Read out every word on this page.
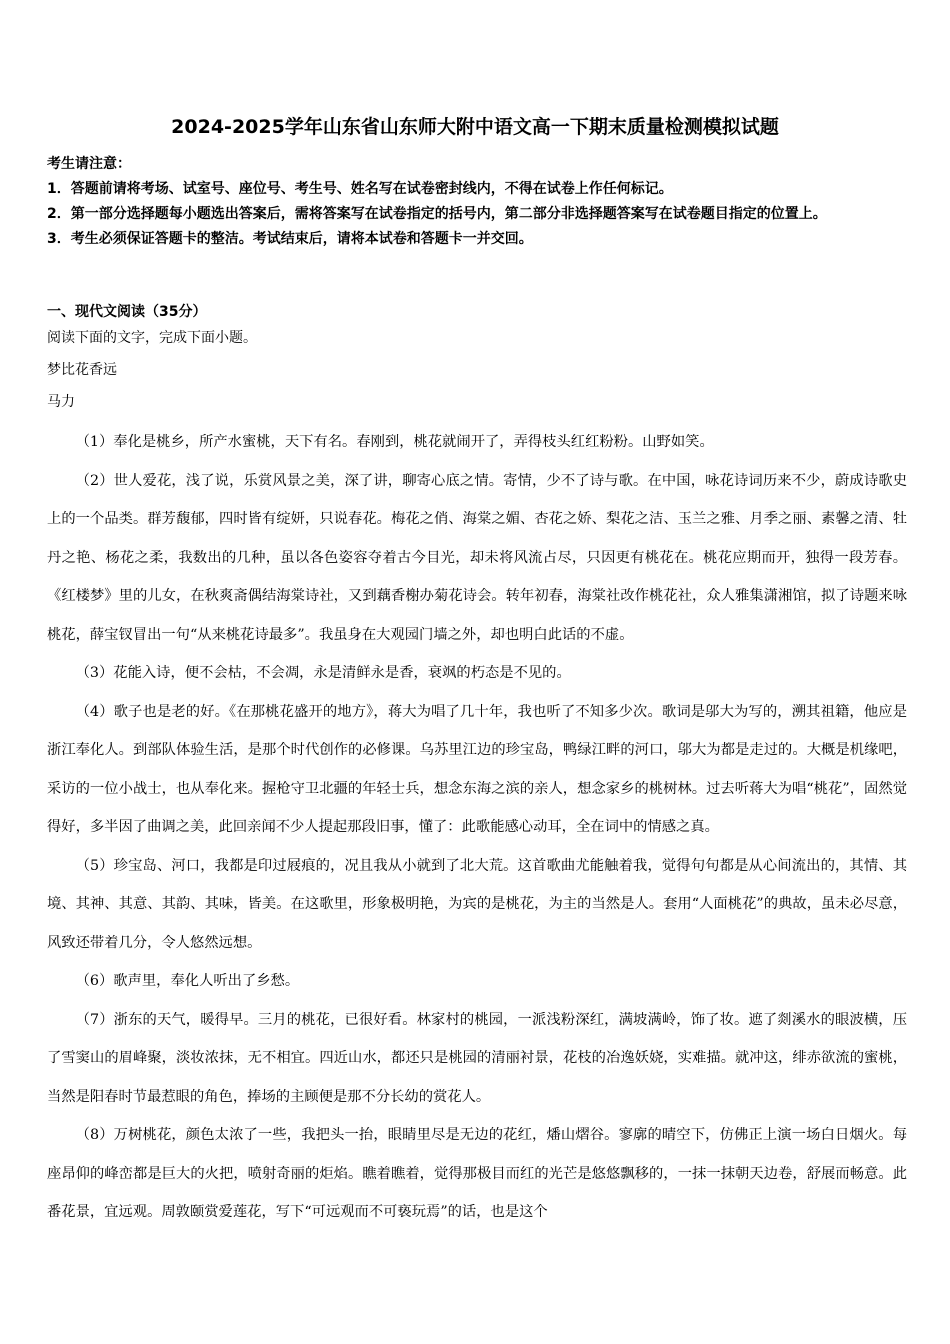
2024-2025学年山东省山东师大附中语文高一下期末质量检测模拟试题
考生请注意：
1．答题前请将考场、试室号、座位号、考生号、姓名写在试卷密封线内，不得在试卷上作任何标记。
2．第一部分选择题每小题选出答案后，需将答案写在试卷指定的括号内，第二部分非选择题答案写在试卷题目指定的位置上。
3．考生必须保证答题卡的整洁。考试结束后，请将本试卷和答题卡一并交回。
一、现代文阅读（35分）
阅读下面的文字，完成下面小题。
梦比花香远
马力

（1）奉化是桃乡，所产水蜜桃，天下有名。春刚到，桃花就闹开了，弄得枝头红红粉粉。山野如笑。

（2）世人爱花，浅了说，乐赏风景之美，深了讲，聊寄心底之情。寄情，少不了诗与歌。在中国，咏花诗词历来不少，蔚成诗歌史上的一个品类。群芳馥郁，四时皆有绽妍，只说春花。梅花之俏、海棠之媚、杏花之娇、梨花之洁、玉兰之雅、月季之丽、素馨之清、牡丹之艳、杨花之柔，我数出的几种，虽以各色姿容夺着古今目光，却未将风流占尽，只因更有桃花在。桃花应期而开，独得一段芳春。《红楼梦》里的儿女，在秋爽斋偶结海棠诗社，又到藕香榭办菊花诗会。转年初春，海棠社改作桃花社，众人雅集潇湘馆，拟了诗题来咏桃花，薛宝钗冒出一句“从来桃花诗最多”。我虽身在大观园门墙之外，却也明白此话的不虚。

（3）花能入诗，便不会枯，不会凋，永是清鲜永是香，衰飒的朽态是不见的。

（4）歌子也是老的好。《在那桃花盛开的地方》，蒋大为唱了几十年，我也听了不知多少次。歌词是邬大为写的，溯其祖籍，他应是浙江奉化人。到部队体验生活，是那个时代创作的必修课。乌苏里江边的珍宝岛，鸭绿江畔的河口，邬大为都是走过的。大概是机缘吧，采访的一位小战士，也从奉化来。握枪守卫北疆的年轻士兵，想念东海之滨的亲人，想念家乡的桃树林。过去听蒋大为唱“桃花”，固然觉得好，多半因了曲调之美，此回亲闻不少人提起那段旧事，懂了：此歌能感心动耳，全在词中的情感之真。

（5）珍宝岛、河口，我都是印过屐痕的，况且我从小就到了北大荒。这首歌曲尤能触着我，觉得句句都是从心间流出的，其情、其境、其神、其意、其韵、其味，皆美。在这歌里，形象极明艳，为宾的是桃花，为主的当然是人。套用“人面桃花”的典故，虽未必尽意，风致还带着几分，令人悠然远想。

（6）歌声里，奉化人听出了乡愁。

（7）浙东的天气，暖得早。三月的桃花，已很好看。林家村的桃园，一派浅粉深红，满坡满岭，饰了妆。遮了剡溪水的眼波横，压了雪窦山的眉峰聚，淡妆浓抹，无不相宜。四近山水，都还只是桃园的清丽衬景，花枝的冶逸妖娆，实难描。就冲这，绯赤欲流的蜜桃，当然是阳春时节最惹眼的角色，捧场的主顾便是那不分长幼的赏花人。

（8）万树桃花，颜色太浓了一些，我把头一抬，眼睛里尽是无边的花红，燔山熠谷。寥廓的晴空下，仿佛正上演一场白日烟火。每座昂仰的峰峦都是巨大的火把，喷射奇丽的炬焰。瞧着瞧着，觉得那极目而红的光芒是悠悠飘移的，一抹一抹朝天边卷，舒展而畅意。此番花景，宜远观。周敦颐赏爱莲花，写下“可远观而不可亵玩焉”的话，也是这个
